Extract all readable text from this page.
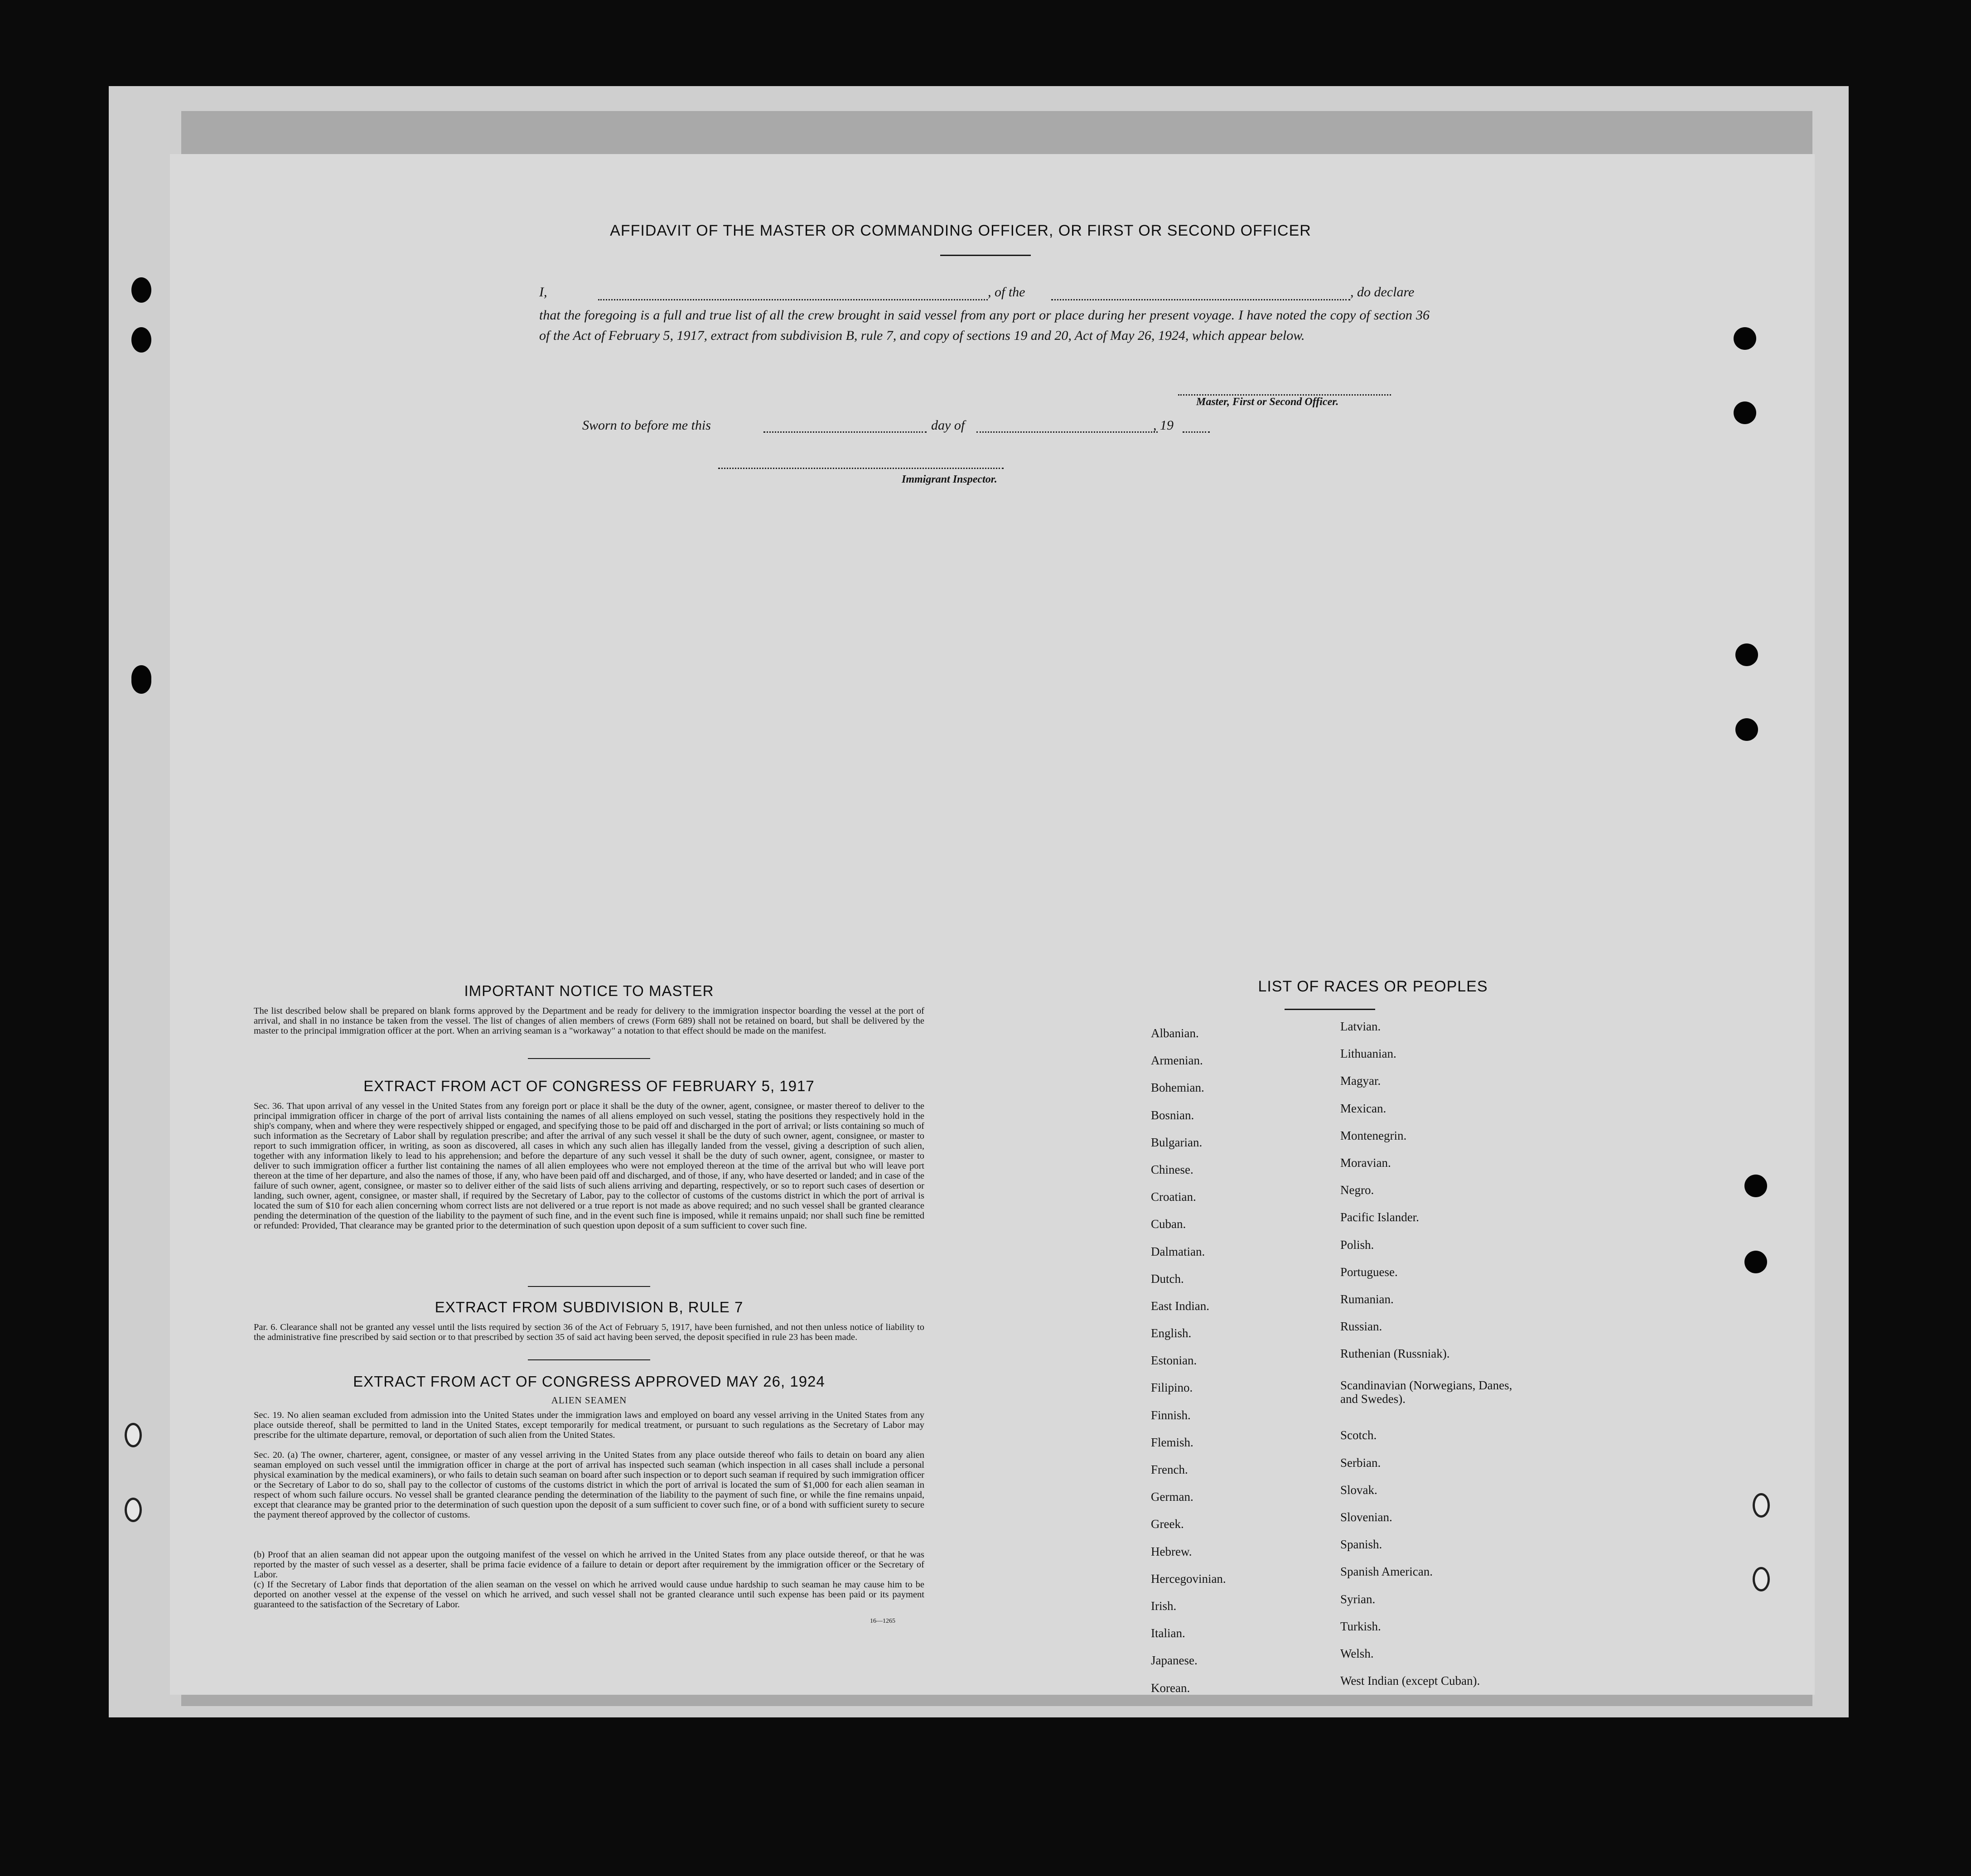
AFFIDAVIT OF THE MASTER OR COMMANDING OFFICER, OR FIRST OR SECOND OFFICER
I,	, of the	, do declare
that the foregoing is a full and true list of all the crew brought in said vessel from any port or place during her present voyage. I have noted the copy of section 36 of the Act of February 5, 1917, extract from subdivision B, rule 7, and copy of sections 19 and 20, Act of May 26, 1924, which appear below.
Master, First or Second Officer.
Sworn to before me this	day of	, 19
Immigrant Inspector.
IMPORTANT NOTICE TO MASTER
The list described below shall be prepared on blank forms approved by the Department and be ready for delivery to the immigration inspector boarding the vessel at the port of arrival, and shall in no instance be taken from the vessel. The list of changes of alien members of crews (Form 689) shall not be retained on board, but shall be delivered by the master to the principal immigration officer at the port. When an arriving seaman is a "workaway" a notation to that effect should be made on the manifest.
EXTRACT FROM ACT OF CONGRESS OF FEBRUARY 5, 1917
Sec. 36. That upon arrival of any vessel in the United States from any foreign port or place it shall be the duty of the owner, agent, consignee, or master thereof to deliver to the principal immigration officer in charge of the port of arrival lists containing the names of all aliens employed on such vessel, stating the positions they respectively hold in the ship's company, when and where they were respectively shipped or engaged, and specifying those to be paid off and discharged in the port of arrival; or lists containing so much of such information as the Secretary of Labor shall by regulation prescribe; and after the arrival of any such vessel it shall be the duty of such owner, agent, consignee, or master to report to such immigration officer, in writing, as soon as discovered, all cases in which any such alien has illegally landed from the vessel, giving a description of such alien, together with any information likely to lead to his apprehension; and before the departure of any such vessel it shall be the duty of such owner, agent, consignee, or master to deliver to such immigration officer a further list containing the names of all alien employees who were not employed thereon at the time of the arrival but who will leave port thereon at the time of her departure, and also the names of those, if any, who have been paid off and discharged, and of those, if any, who have deserted or landed; and in case of the failure of such owner, agent, consignee, or master so to deliver either of the said lists of such aliens arriving and departing, respectively, or so to report such cases of desertion or landing, such owner, agent, consignee, or master shall, if required by the Secretary of Labor, pay to the collector of customs of the customs district in which the port of arrival is located the sum of $10 for each alien concerning whom correct lists are not delivered or a true report is not made as above required; and no such vessel shall be granted clearance pending the determination of the question of the liability to the payment of such fine, and in the event such fine is imposed, while it remains unpaid; nor shall such fine be remitted or refunded: Provided, That clearance may be granted prior to the determination of such question upon deposit of a sum sufficient to cover such fine.
EXTRACT FROM SUBDIVISION B, RULE 7
Par. 6. Clearance shall not be granted any vessel until the lists required by section 36 of the Act of February 5, 1917, have been furnished, and not then unless notice of liability to the administrative fine prescribed by said section or to that prescribed by section 35 of said act having been served, the deposit specified in rule 23 has been made.
EXTRACT FROM ACT OF CONGRESS APPROVED MAY 26, 1924
ALIEN SEAMEN
Sec. 19. No alien seaman excluded from admission into the United States under the immigration laws and employed on board any vessel arriving in the United States from any place outside thereof, shall be permitted to land in the United States, except temporarily for medical treatment, or pursuant to such regulations as the Secretary of Labor may prescribe for the ultimate departure, removal, or deportation of such alien from the United States.
Sec. 20. (a) The owner, charterer, agent, consignee, or master of any vessel arriving in the United States from any place outside thereof who fails to detain on board any alien seaman employed on such vessel until the immigration officer in charge at the port of arrival has inspected such seaman (which inspection in all cases shall include a personal physical examination by the medical examiners), or who fails to detain such seaman on board after such inspection or to deport such seaman if required by such immigration officer or the Secretary of Labor to do so, shall pay to the collector of customs of the customs district in which the port of arrival is located the sum of $1,000 for each alien seaman in respect of whom such failure occurs. No vessel shall be granted clearance pending the determination of the liability to the payment of such fine, or while the fine remains unpaid, except that clearance may be granted prior to the determination of such question upon the deposit of a sum sufficient to cover such fine, or of a bond with sufficient surety to secure the payment thereof approved by the collector of customs.
(b) Proof that an alien seaman did not appear upon the outgoing manifest of the vessel on which he arrived in the United States from any place outside thereof, or that he was reported by the master of such vessel as a deserter, shall be prima facie evidence of a failure to detain or deport after requirement by the immigration officer or the Secretary of Labor.
(c) If the Secretary of Labor finds that deportation of the alien seaman on the vessel on which he arrived would cause undue hardship to such seaman he may cause him to be deported on another vessel at the expense of the vessel on which he arrived, and such vessel shall not be granted clearance until such expense has been paid or its payment guaranteed to the satisfaction of the Secretary of Labor.
16—1265
LIST OF RACES OR PEOPLES
Albanian.
Armenian.
Bohemian.
Bosnian.
Bulgarian.
Chinese.
Croatian.
Cuban.
Dalmatian.
Dutch.
East Indian.
English.
Estonian.
Filipino.
Finnish.
Flemish.
French.
German.
Greek.
Hebrew.
Hercegovinian.
Irish.
Italian.
Japanese.
Korean.
Latvian.
Lithuanian.
Magyar.
Mexican.
Montenegrin.
Moravian.
Negro.
Pacific Islander.
Polish.
Portuguese.
Rumanian.
Russian.
Ruthenian (Russniak).
Scandinavian (Norwegians, Danes, and Swedes).
Scotch.
Serbian.
Slovak.
Slovenian.
Spanish.
Spanish American.
Syrian.
Turkish.
Welsh.
West Indian (except Cuban).
